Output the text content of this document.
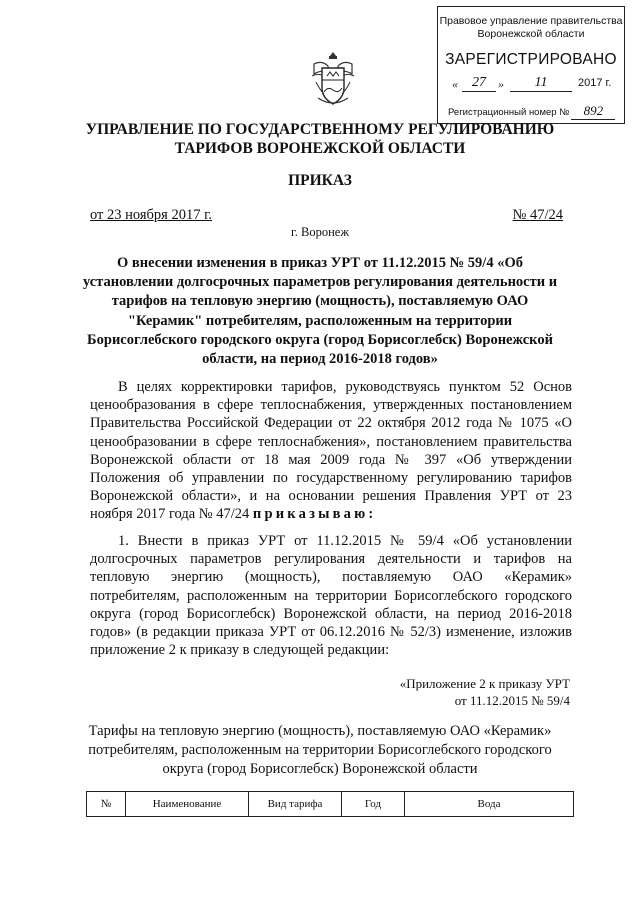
Правовое управление правительства
Воронежской области
ЗАРЕГИСТРИРОВАНО
«	27	»	11	2017 г.
Регистрационный номер № 892
УПРАВЛЕНИЕ ПО ГОСУДАРСТВЕННОМУ РЕГУЛИРОВАНИЮ
ТАРИФОВ ВОРОНЕЖСКОЙ ОБЛАСТИ
ПРИКАЗ
от 23 ноября 2017 г.	№ 47/24
г. Воронеж
О внесении изменения в приказ УРТ от 11.12.2015 № 59/4 «Об установлении долгосрочных параметров регулирования деятельности и тарифов на тепловую энергию (мощность), поставляемую ОАО "Керамик" потребителям, расположенным на территории Борисоглебского городского округа (город Борисоглебск) Воронежской области, на период 2016-2018 годов»

В целях корректировки тарифов, руководствуясь пунктом 52 Основ ценообразования в сфере теплоснабжения, утвержденных постановлением Правительства Российской Федерации от 22 октября 2012 года № 1075 «О ценообразовании в сфере теплоснабжения», постановлением правительства Воронежской области от 18 мая 2009 года № 397 «Об утверждении Положения об управлении по государственному регулированию тарифов Воронежской области», и на основании решения Правления УРТ от 23 ноября 2017 года № 47/24 приказываю:

1. Внести в приказ УРТ от 11.12.2015 № 59/4 «Об установлении долгосрочных параметров регулирования деятельности и тарифов на тепловую энергию (мощность), поставляемую ОАО «Керамик» потребителям, расположенным на территории Борисоглебского городского округа (город Борисоглебск) Воронежской области, на период 2016-2018 годов» (в редакции приказа УРТ от 06.12.2016 № 52/3) изменение, изложив приложение 2 к приказу в следующей редакции:

«Приложение 2 к приказу УРТ
от 11.12.2015 № 59/4
Тарифы на тепловую энергию (мощность), поставляемую ОАО «Керамик» потребителям, расположенным на территории Борисоглебского городского округа (город Борисоглебск) Воронежской области
№	Наименование	Вид тарифа	Год	Вода
